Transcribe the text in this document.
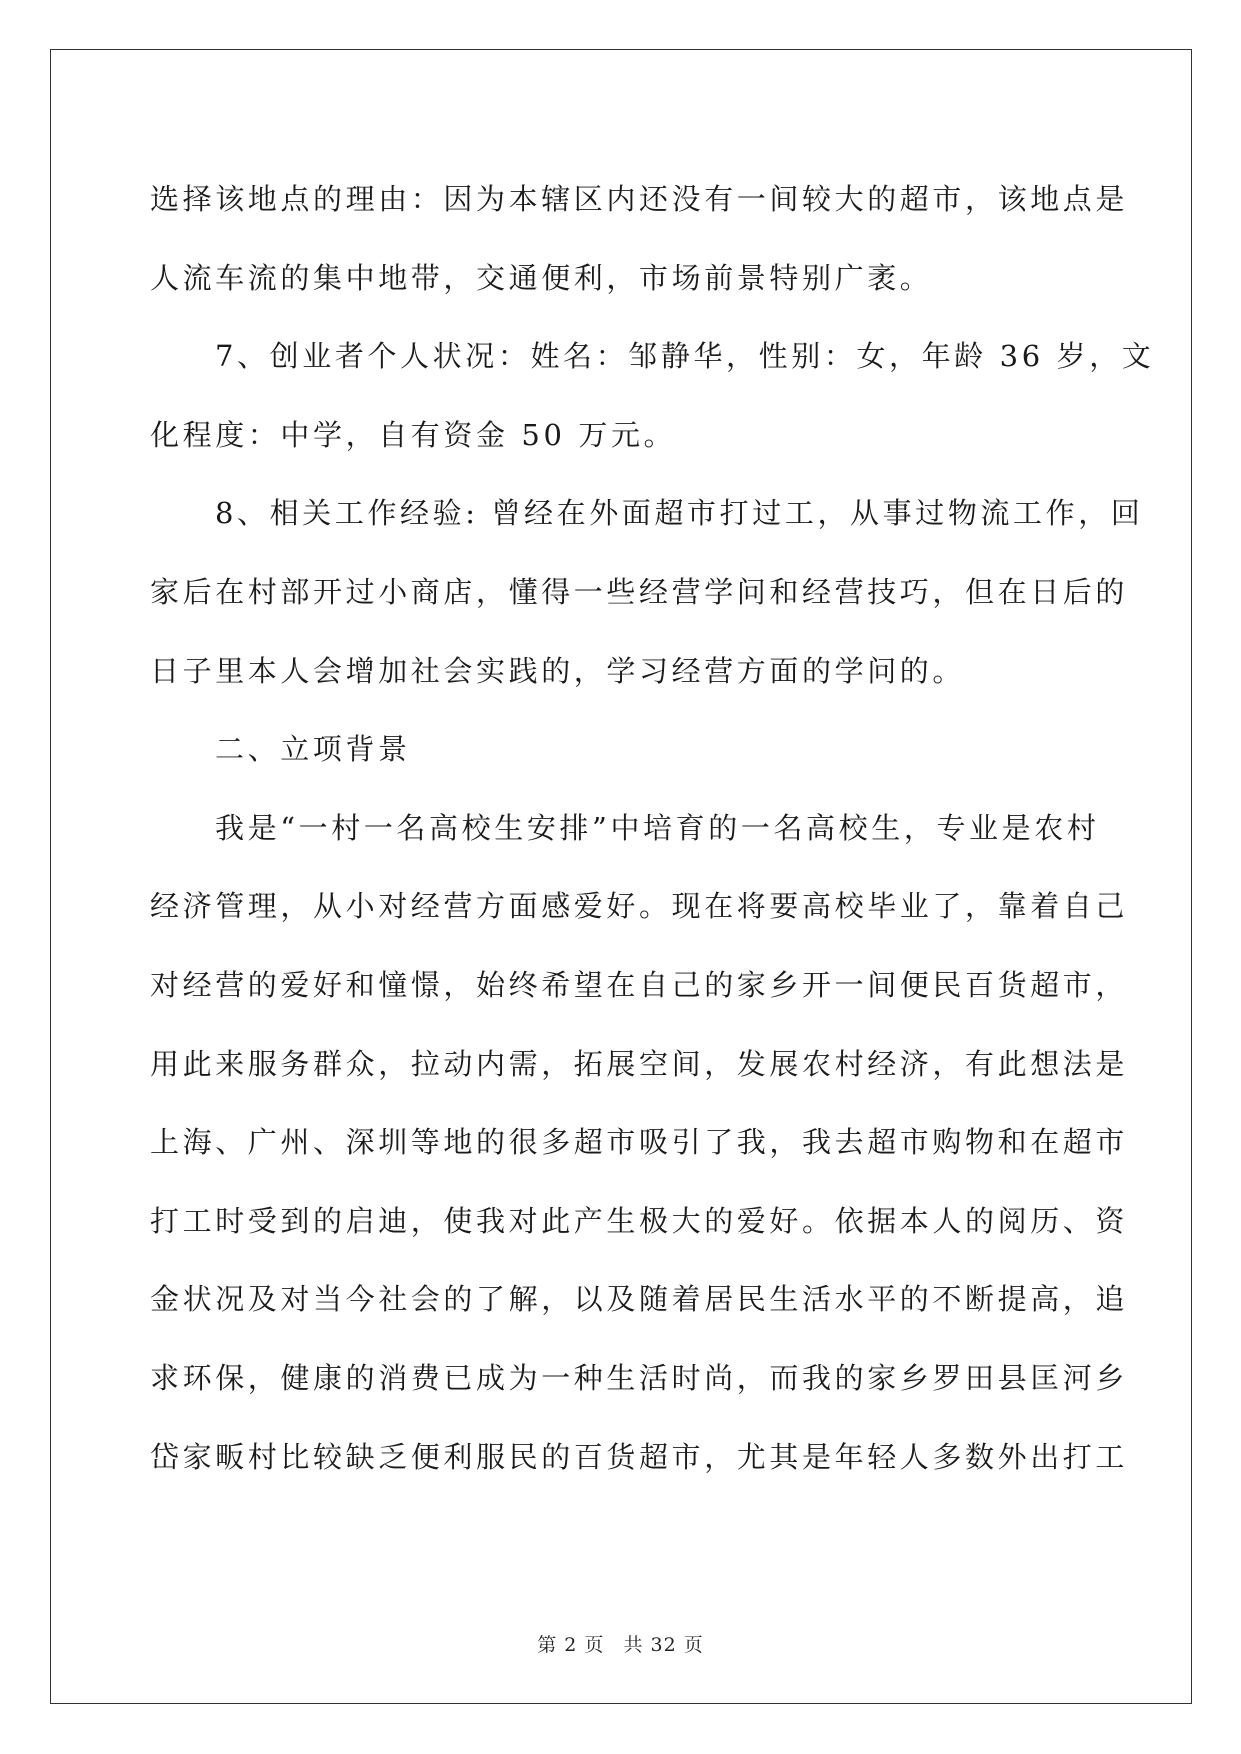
选择该地点的理由：因为本辖区内还没有一间较大的超市，该地点是
人流车流的集中地带，交通便利，市场前景特别广袤。
7、创业者个人状况：姓名：邹静华，性别：女，年龄 36 岁，文
化程度：中学，自有资金 50 万元。
8、相关工作经验: 曾经在外面超市打过工，从事过物流工作，回
家后在村部开过小商店，懂得一些经营学问和经营技巧，但在日后的
日子里本人会增加社会实践的，学习经营方面的学问的。
二、立项背景
我是“一村一名高校生安排”中培育的一名高校生，专业是农村
经济管理，从小对经营方面感爱好。现在将要高校毕业了，靠着自己
对经营的爱好和憧憬，始终希望在自己的家乡开一间便民百货超市，
用此来服务群众，拉动内需，拓展空间，发展农村经济，有此想法是
上海、广州、深圳等地的很多超市吸引了我，我去超市购物和在超市
打工时受到的启迪，使我对此产生极大的爱好。依据本人的阅历、资
金状况及对当今社会的了解，以及随着居民生活水平的不断提高，追
求环保，健康的消费已成为一种生活时尚，而我的家乡罗田县匡河乡
岱家畈村比较缺乏便利服民的百货超市，尤其是年轻人多数外出打工

第 2 页 共 32 页
